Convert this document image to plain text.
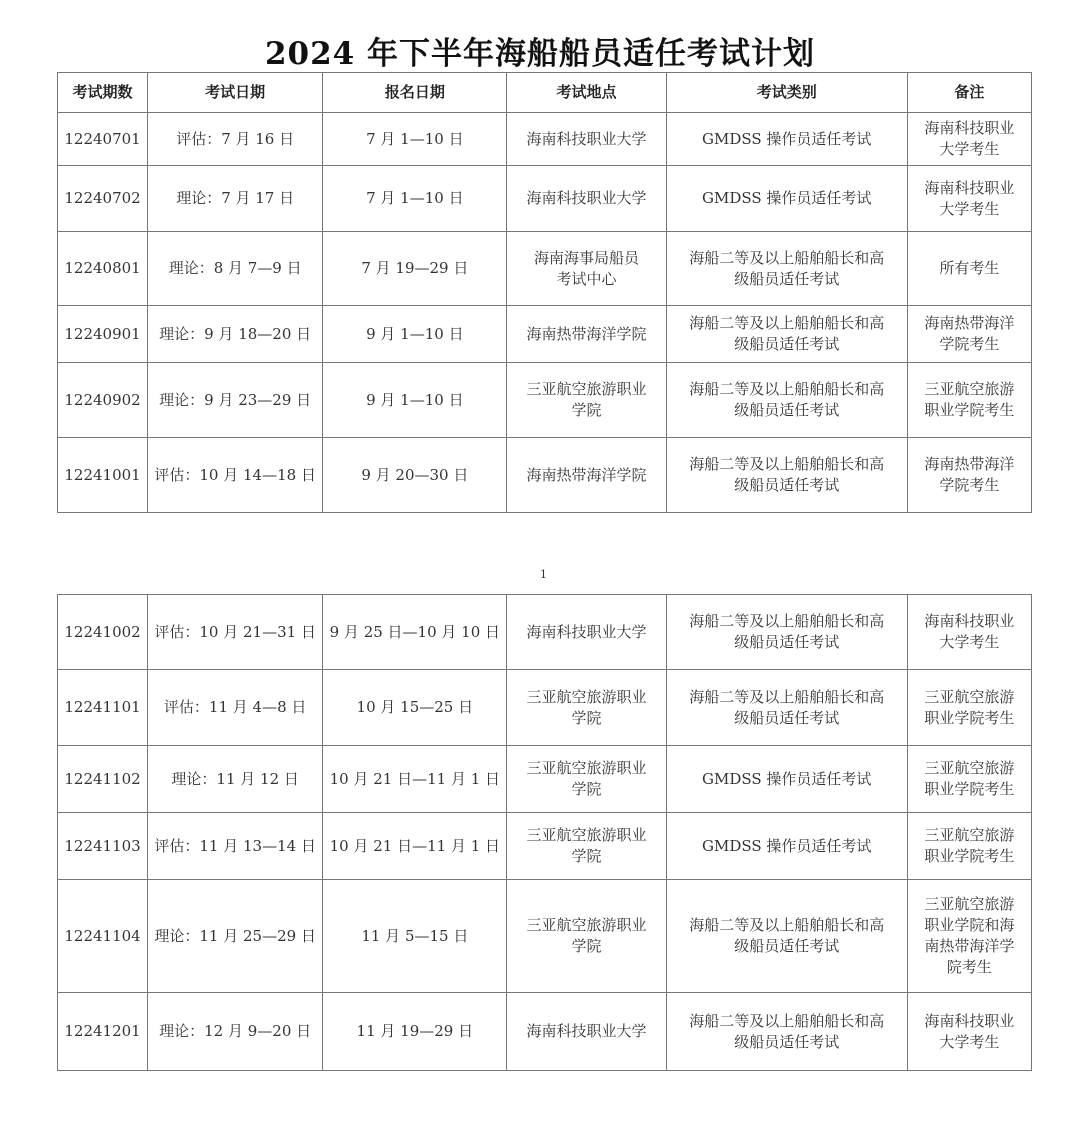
2024 年下半年海船船员适任考试计划
考试期数	考试日期	报名日期	考试地点	考试类别	备注
12240701	评估：7 月 16 日	7 月 1—10 日	海南科技职业大学	GMDSS 操作员适任考试	海南科技职业
大学考生
12240702	理论：7 月 17 日	7 月 1—10 日	海南科技职业大学	GMDSS 操作员适任考试	海南科技职业
大学考生
12240801	理论：8 月 7—9 日	7 月 19—29 日	海南海事局船员
考试中心	海船二等及以上船舶船长和高
级船员适任考试	所有考生
12240901	理论：9 月 18—20 日	9 月 1—10 日	海南热带海洋学院	海船二等及以上船舶船长和高
级船员适任考试	海南热带海洋
学院考生
12240902	理论：9 月 23—29 日	9 月 1—10 日	三亚航空旅游职业
学院	海船二等及以上船舶船长和高
级船员适任考试	三亚航空旅游
职业学院考生
12241001	评估：10 月 14—18 日	9 月 20—30 日	海南热带海洋学院	海船二等及以上船舶船长和高
级船员适任考试	海南热带海洋
学院考生
1
12241002	评估：10 月 21—31 日	9 月 25 日—10 月 10 日	海南科技职业大学	海船二等及以上船舶船长和高
级船员适任考试	海南科技职业
大学考生
12241101	评估：11 月 4—8 日	10 月 15—25 日	三亚航空旅游职业
学院	海船二等及以上船舶船长和高
级船员适任考试	三亚航空旅游
职业学院考生
12241102	理论：11 月 12 日	10 月 21 日—11 月 1 日	三亚航空旅游职业
学院	GMDSS 操作员适任考试	三亚航空旅游
职业学院考生
12241103	评估：11 月 13—14 日	10 月 21 日—11 月 1 日	三亚航空旅游职业
学院	GMDSS 操作员适任考试	三亚航空旅游
职业学院考生
12241104	理论：11 月 25—29 日	11 月 5—15 日	三亚航空旅游职业
学院	海船二等及以上船舶船长和高
级船员适任考试	三亚航空旅游
职业学院和海
南热带海洋学
院考生
12241201	理论：12 月 9—20 日	11 月 19—29 日	海南科技职业大学	海船二等及以上船舶船长和高
级船员适任考试	海南科技职业
大学考生
